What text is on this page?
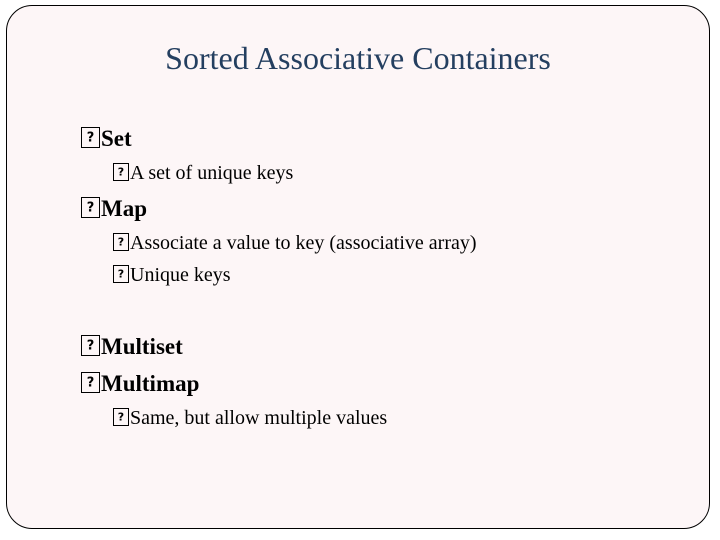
Sorted Associative Containers
?
Set
?
A set of unique keys
?
Map
?
Associate a value to key (associative array)
?
Unique keys
?
Multiset
?
Multimap
?
Same, but allow multiple values
